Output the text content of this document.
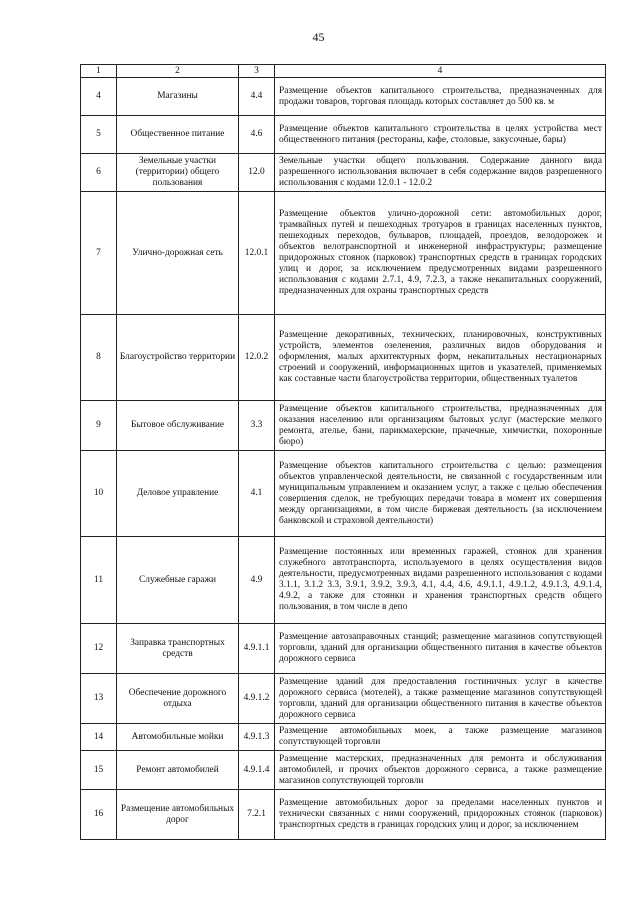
45
1	2	3	4
4	Магазины	4.4	Размещение объектов капитального строительства, предназначенных для продажи товаров, торговая площадь которых составляет до 500 кв. м
5	Общественное питание	4.6	Размещение объектов капитального строительства в целях устройства мест общественного питания (рестораны, кафе, столовые, закусочные, бары)
6	Земельные участки (территории) общего пользования	12.0	Земельные участки общего пользования. Содержание данного вида разрешенного использования включает в себя содержание видов разрешенного использования с кодами 12.0.1 - 12.0.2
7	Улично-дорожная сеть	12.0.1	Размещение объектов улично-дорожной сети: автомобильных дорог, трамвайных путей и пешеходных тротуаров в границах населенных пунктов, пешеходных переходов, бульваров, площадей, проездов, велодорожек и объектов велотранспортной и инженерной инфраструктуры; размещение придорожных стоянок (парковок) транспортных средств в границах городских улиц и дорог, за исключением предусмотренных видами разрешенного использования с кодами 2.7.1, 4.9, 7.2.3, а также некапитальных сооружений, предназначенных для охраны транспортных средств
8	Благоустройство территории	12.0.2	Размещение декоративных, технических, планировочных, конструктивных устройств, элементов озеленения, различных видов оборудования и оформления, малых архитектурных форм, некапитальных нестационарных строений и сооружений, информационных щитов и указателей, применяемых как составные части благоустройства территории, общественных туалетов
9	Бытовое обслуживание	3.3	Размещение объектов капитального строительства, предназначенных для оказания населению или организациям бытовых услуг (мастерские мелкого ремонта, ателье, бани, парикмахерские, прачечные, химчистки, похоронные бюро)
10	Деловое управление	4.1	Размещение объектов капитального строительства с целью: размещения объектов управленческой деятельности, не связанной с государственным или муниципальным управлением и оказанием услуг, а также с целью обеспечения совершения сделок, не требующих передачи товара в момент их совершения между организациями, в том числе биржевая деятельность (за исключением банковской и страховой деятельности)
11	Служебные гаражи	4.9	Размещение постоянных или временных гаражей, стоянок для хранения служебного автотранспорта, используемого в целях осуществления видов деятельности, предусмотренных видами разрешенного использования с кодами 3.1.1, 3.1.2 3.3, 3.9.1, 3.9.2, 3.9.3, 4.1, 4.4, 4.6, 4.9.1.1, 4.9.1.2, 4.9.1.3, 4.9.1.4, 4.9.2, а также для стоянки и хранения транспортных средств общего пользования, в том числе в депо
12	Заправка транспортных средств	4.9.1.1	Размещение автозаправочных станций; размещение магазинов сопутствующей торговли, зданий для организации общественного питания в качестве объектов дорожного сервиса
13	Обеспечение дорожного отдыха	4.9.1.2	Размещение зданий для предоставления гостиничных услуг в качестве дорожного сервиса (мотелей), а также размещение магазинов сопутствующей торговли, зданий для организации общественного питания в качестве объектов дорожного сервиса
14	Автомобильные мойки	4.9.1.3	Размещение автомобильных моек, а также размещение магазинов сопутствующей торговли
15	Ремонт автомобилей	4.9.1.4	Размещение мастерских, предназначенных для ремонта и обслуживания автомобилей, и прочих объектов дорожного сервиса, а также размещение магазинов сопутствующей торговли
16	Размещение автомобильных дорог	7.2.1	Размещение автомобильных дорог за пределами населенных пунктов и технически связанных с ними сооружений, придорожных стоянок (парковок) транспортных средств в границах городских улиц и дорог, за исключением
